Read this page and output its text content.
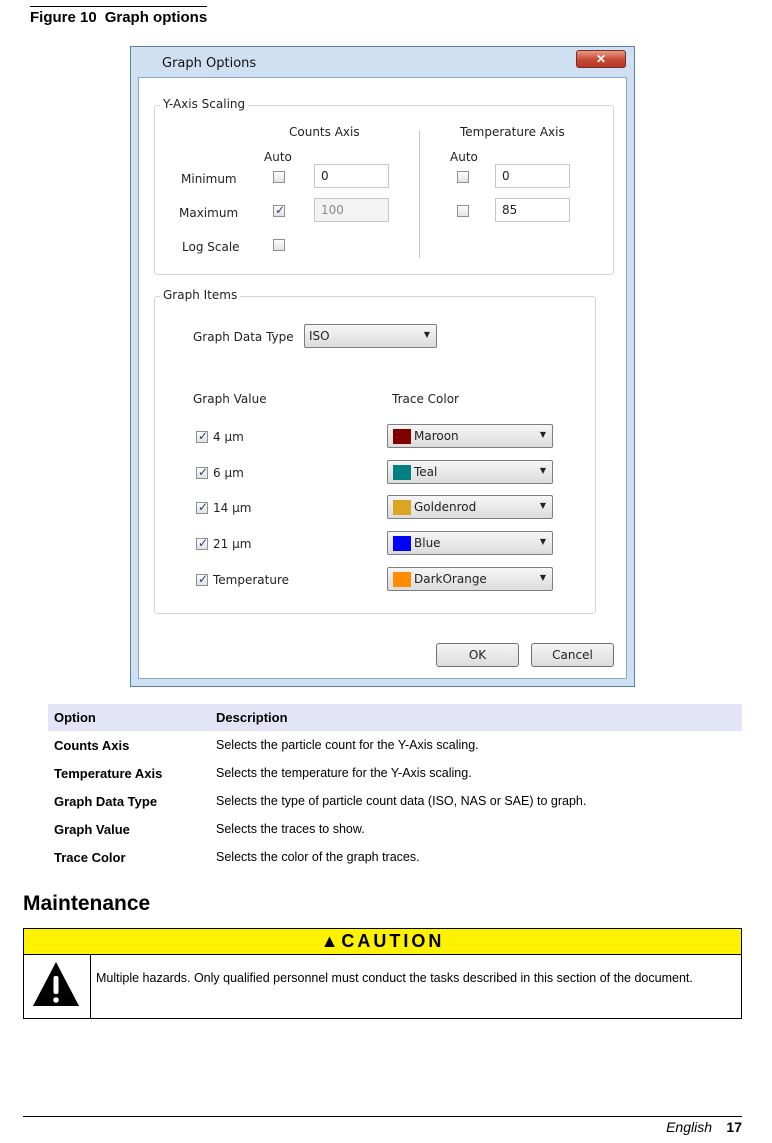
Figure 10 Graph options
Graph Options	✕
Y-Axis Scaling
Counts Axis	Temperature Axis
Auto	Auto
Minimum	0	0
Maximum
✓	100	85
Log Scale
Graph Items
Graph Data Type ISO	▼
Graph Value	Trace Color
✓
4 μm	Maroon	▼
✓
6 μm	Teal	▼
✓
14 μm	Goldenrod	▼
✓
21 μm	Blue	▼
✓
Temperature	DarkOrange	▼
OK	Cancel
Option	Description
Counts Axis	Selects the particle count for the Y-Axis scaling.
Temperature Axis	Selects the temperature for the Y-Axis scaling.
Graph Data Type	Selects the type of particle count data (ISO, NAS or SAE) to graph.
Graph Value	Selects the traces to show.
Trace Color	Selects the color of the graph traces.
Maintenance
▲CAUTION
Multiple hazards. Only qualified personnel must conduct the tasks described in this section of the document.
English 17
